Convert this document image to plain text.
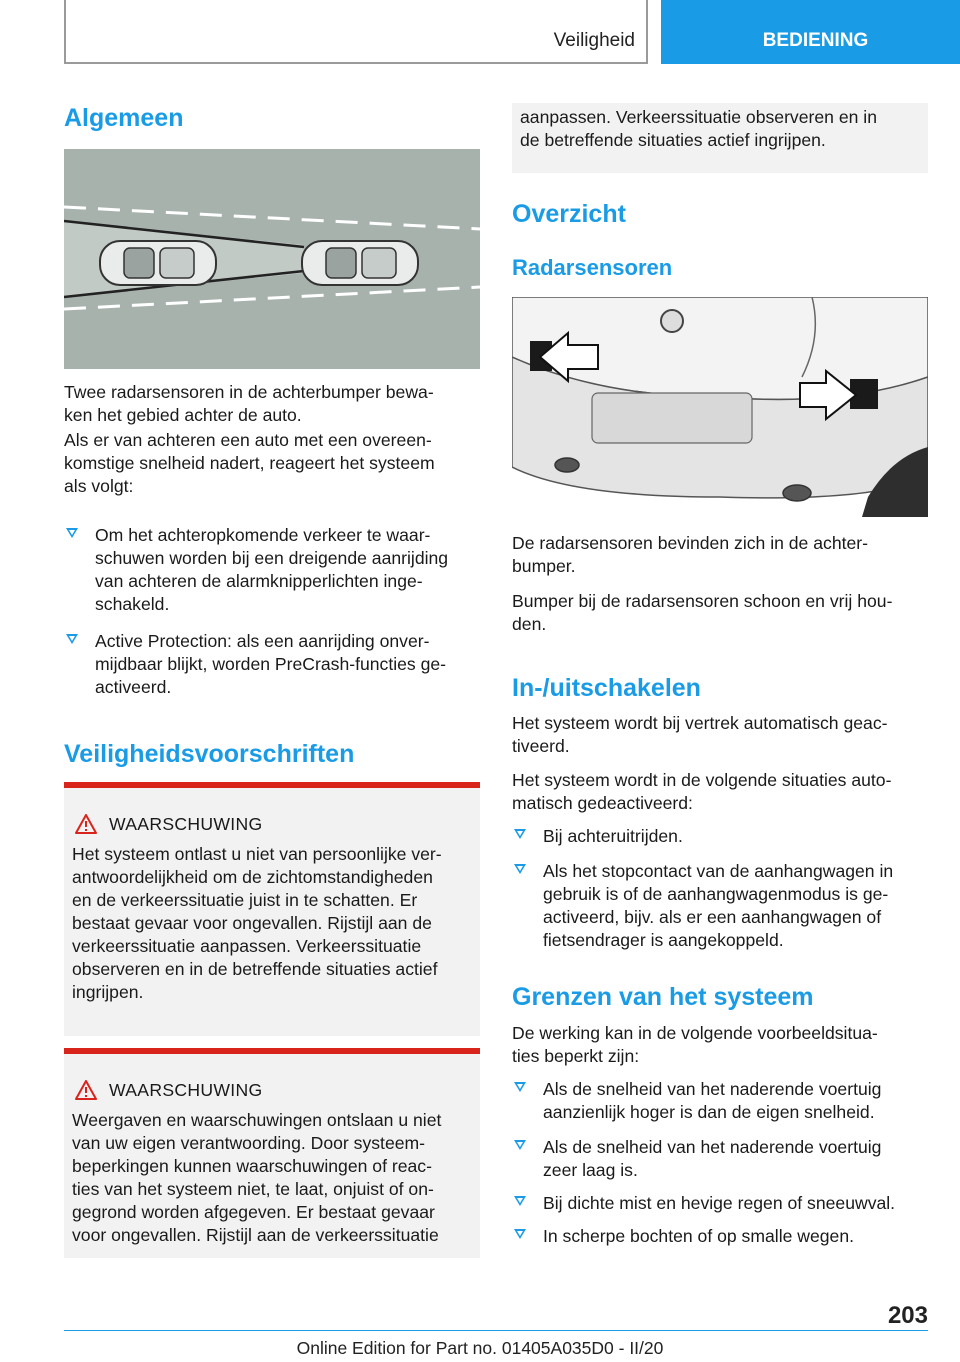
Veiligheid	BEDIENING
Algemeen
Twee radarsensoren in de achterbumper bewa-
ken het gebied achter de auto.
Als er van achteren een auto met een overeen-
komstige snelheid nadert, reageert het systeem
als volgt:
Om het achteropkomende verkeer te waar-
schuwen worden bij een dreigende aanrijding
van achteren de alarmknipperlichten inge-
schakeld.
Active Protection: als een aanrijding onver-
mijdbaar blijkt, worden PreCrash-functies ge-
activeerd.
Veiligheidsvoorschriften
WAARSCHUWING
Het systeem ontlast u niet van persoonlijke ver-
antwoordelijkheid om de zichtomstandigheden
en de verkeerssituatie juist in te schatten. Er
bestaat gevaar voor ongevallen. Rijstijl aan de
verkeerssituatie aanpassen. Verkeerssituatie
observeren en in de betreffende situaties actief
ingrijpen.
WAARSCHUWING
Weergaven en waarschuwingen ontslaan u niet
van uw eigen verantwoording. Door systeem-
beperkingen kunnen waarschuwingen of reac-
ties van het systeem niet, te laat, onjuist of on-
gegrond worden afgegeven. Er bestaat gevaar
voor ongevallen. Rijstijl aan de verkeerssituatie
aanpassen. Verkeerssituatie observeren en in
de betreffende situaties actief ingrijpen.
Overzicht
Radarsensoren
De radarsensoren bevinden zich in de achter-
bumper.
Bumper bij de radarsensoren schoon en vrij hou-
den.
In-/uitschakelen
Het systeem wordt bij vertrek automatisch geac-
tiveerd.
Het systeem wordt in de volgende situaties auto-
matisch gedeactiveerd:
Bij achteruitrijden.
Als het stopcontact van de aanhangwagen in
gebruik is of de aanhangwagenmodus is ge-
activeerd, bijv. als er een aanhangwagen of
fietsendrager is aangekoppeld.
Grenzen van het systeem
De werking kan in de volgende voorbeeldsitua-
ties beperkt zijn:
Als de snelheid van het naderende voertuig
aanzienlijk hoger is dan de eigen snelheid.
Als de snelheid van het naderende voertuig
zeer laag is.
Bij dichte mist en hevige regen of sneeuwval.
In scherpe bochten of op smalle wegen.
203
Online Edition for Part no. 01405A035D0 - II/20
